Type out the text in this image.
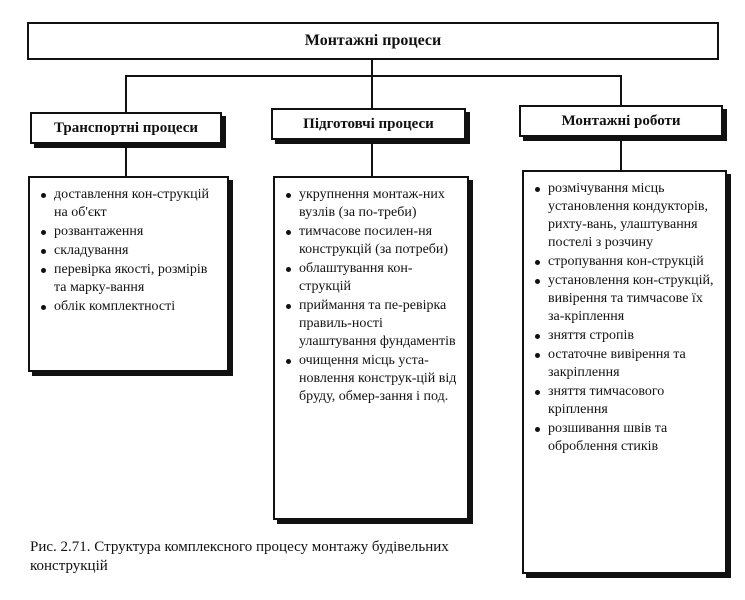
Монтажні процеси
Транспортні процеси	Підготовчі процеси	Монтажні роботи
доставлення кон-струкцій на об'єкт
розвантаження
складування
перевірка якості, розмірів та марку-вання
облік комплектності
укрупнення монтаж-них вузлів (за по-треби)
тимчасове посилен-ня конструкцій (за потреби)
облаштування кон-струкцій
приймання та пе-ревірка правиль-ності улаштування фундаментів
очищення місць уста-новлення конструк-цій від бруду, обмер-зання і под.
розмічування місць установлення кондукторів, рихту-вань, улаштування постелі з розчину
стропування кон-струкцій
установлення кон-струкцій, вивірення та тимчасове їх за-кріплення
зняття стропів
остаточне вивірення та закріплення
зняття тимчасового кріплення
розшивання швів та оброблення стиків
Рис. 2.71. Структура комплексного процесу монтажу будівельних конструкцій
